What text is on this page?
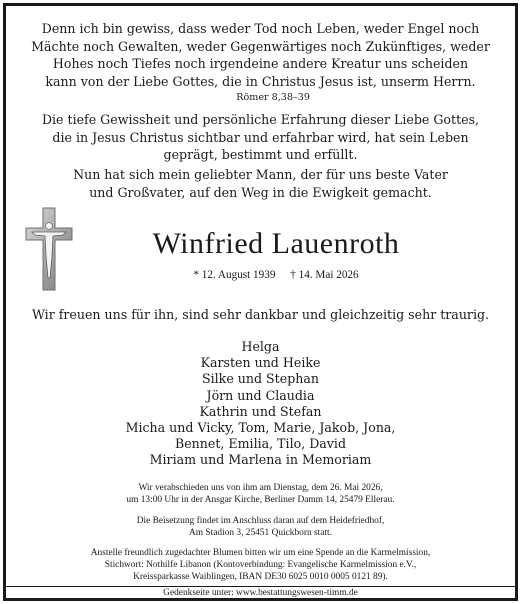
Denn ich bin gewiss, dass weder Tod noch Leben, weder Engel noch
Mächte noch Gewalten, weder Gegenwärtiges noch Zukünftiges, weder
Hohes noch Tiefes noch irgendeine andere Kreatur uns scheiden
kann von der Liebe Gottes, die in Christus Jesus ist, unserm Herrn.
Römer 8,38–39
Die tiefe Gewissheit und persönliche Erfahrung dieser Liebe Gottes,
die in Jesus Christus sichtbar und erfahrbar wird, hat sein Leben
geprägt, bestimmt und erfüllt.
Nun hat sich mein geliebter Mann, der für uns beste Vater
und Großvater, auf den Weg in die Ewigkeit gemacht.
Winfried Lauenroth
* 12. August 1939 † 14. Mai 2026
Wir freuen uns für ihn, sind sehr dankbar und gleichzeitig sehr traurig.
Helga
Karsten und Heike
Silke und Stephan
Jörn und Claudia
Kathrin und Stefan
Micha und Vicky, Tom, Marie, Jakob, Jona,
Bennet, Emilia, Tilo, David
Miriam und Marlena in Memoriam
Wir verabschieden uns von ihm am Dienstag, dem 26. Mai 2026,
um 13:00 Uhr in der Ansgar Kirche, Berliner Damm 14, 25479 Ellerau.
Die Beisetzung findet im Anschluss daran auf dem Heidefriedhof,
Am Stadion 3, 25451 Quickborn statt.
Anstelle freundlich zugedachter Blumen bitten wir um eine Spende an die Karmelmission,
Stichwort: Nothilfe Libanon (Kontoverbindung: Evangelische Karmelmission e.V.,
Kreissparkasse Waiblingen, IBAN DE30 6025 0010 0005 0121 89).
Gedenkseite unter: www.bestattungswesen-timm.de
